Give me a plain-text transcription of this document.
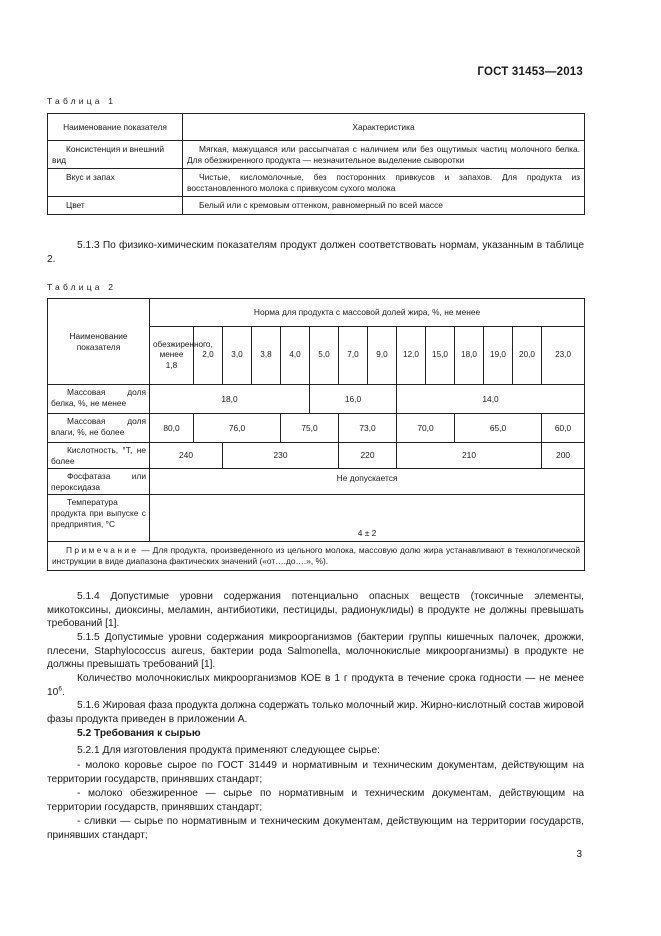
ГОСТ 31453—2013
Таблица 1
Наименование показателя	Характеристика
Консистенция и внешний вид	Мягкая, мажущаяся или рассыпчатая с наличием или без ощутимых частиц молочного белка. Для обезжиренного продукта — незначительное выделение сыворотки
Вкус и запах	Чистые, кисломолочные, без посторонних привкусов и запахов. Для продукта из восстановленного молока с привкусом сухого молока
Цвет	Белый или с кремовым оттенком, равномерный по всей массе
5.1.3 По физико-химическим показателям продукт должен соответствовать нормам, указанным в таблице 2.
Таблица 2
Наименование показателя	Норма для продукта с массовой долей жира, %, не менее													
	обезжиренного, менее 1,8	2,0	3,0	3,8	4,0	5,0	7,0	9,0	12,0	15,0	18,0	19,0	20,0	23,0
Массовая доля белка, %, не менее	18,0					16,0			14,0					
Массовая доля влаги, %, не более	80,0	76,0			75,0		73,0		70,0		65,0			60,0
Кислотность, °Т, не более	240		230				220		210					200
Фосфатаза или пероксидаза	Не допускается													
Температура продукта при выпуске с предприятия, °С	4 ± 2													
Примечание — Для продукта, произведенного из цельного молока, массовую долю жира устанавливают в технологической инструкции в виде диапазона фактических значений («от….до….», %).														
5.1.4 Допустимые уровни содержания потенциально опасных веществ (токсичные элементы, микотоксины, диоксины, меламин, антибиотики, пестициды, радионуклиды) в продукте не должны превышать требований [1].
5.1.5 Допустимые уровни содержания микроорганизмов (бактерии группы кишечных палочек, дрожжи, плесени, Staphylococcus aureus, бактерии рода Salmonella, молочнокислые микроорганизмы) в продукте не должны превышать требований [1].
Количество молочнокислых микроорганизмов КОЕ в 1 г продукта в течение срока годности — не менее $10^6$.
5.1.6 Жировая фаза продукта должна содержать только молочный жир. Жирно-кислотный состав жировой фазы продукта приведен в приложении А.
5.2 Требования к сырью
5.2.1 Для изготовления продукта применяют следующее сырье:
- молоко коровье сырое по ГОСТ 31449 и нормативным и техническим документам, действующим на территории государств, принявших стандарт;
- молоко обезжиренное — сырье по нормативным и техническим документам, действующим на территории государств, принявших стандарт;
- сливки — сырье по нормативным и техническим документам, действующим на территории государств, принявших стандарт;
3
